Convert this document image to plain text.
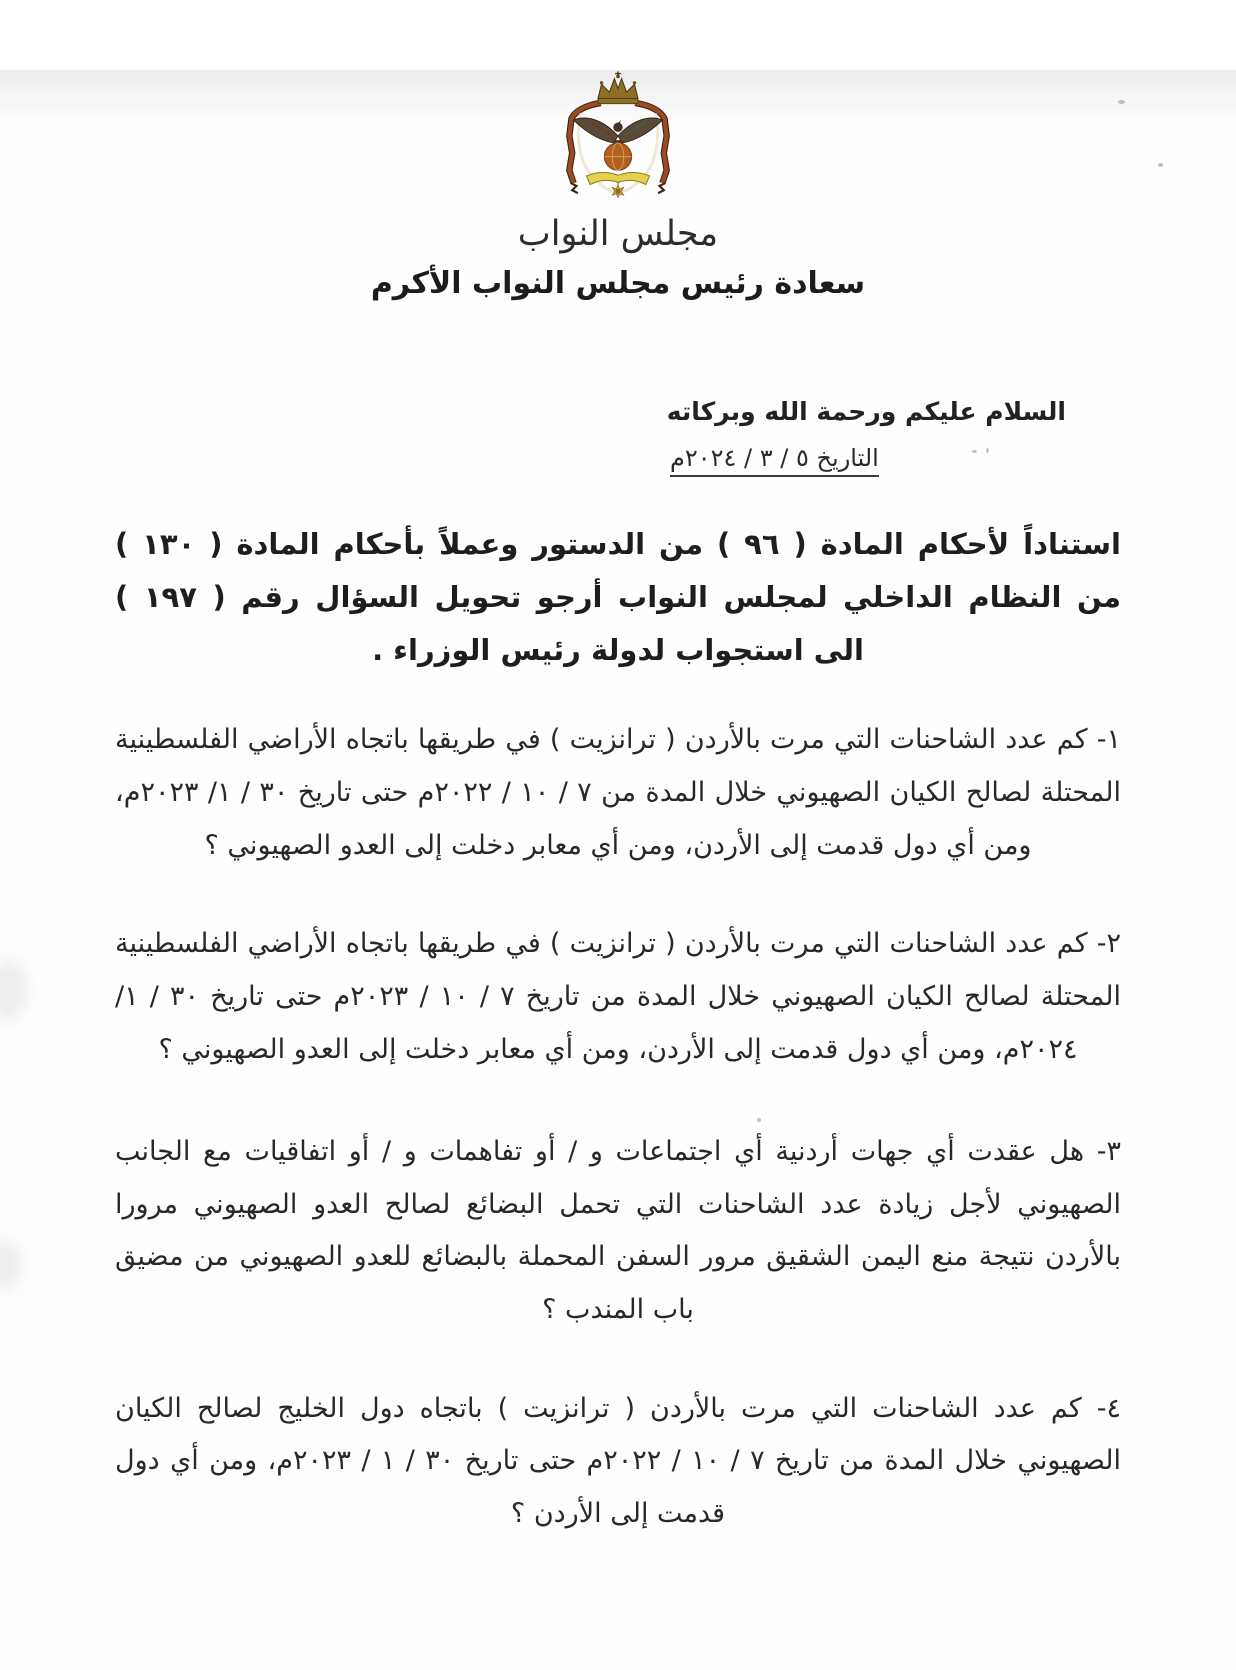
مجلس النواب
سعادة رئيس مجلس النواب الأكرم
السلام عليكم ورحمة الله وبركاته
التاريخ ٥ / ٣ / ٢٠٢٤م
استناداً لأحكام المادة ( ٩٦ ) من الدستور وعملاً بأحكام المادة ( ١٣٠ ) من النظام الداخلي لمجلس النواب أرجو تحويل السؤال رقم ( ١٩٧ ) الى استجواب لدولة رئيس الوزراء .
١- كم عدد الشاحنات التي مرت بالأردن ( ترانزيت ) في طريقها باتجاه الأراضي الفلسطينية المحتلة لصالح الكيان الصهيوني خلال المدة من ٧ / ١٠ / ٢٠٢٢م حتى تاريخ ٣٠ / ١/ ٢٠٢٣م، ومن أي دول قدمت إلى الأردن، ومن أي معابر دخلت إلى العدو الصهيوني ؟
٢- كم عدد الشاحنات التي مرت بالأردن ( ترانزيت ) في طريقها باتجاه الأراضي الفلسطينية المحتلة لصالح الكيان الصهيوني خلال المدة من تاريخ ٧ / ١٠ / ٢٠٢٣م حتى تاريخ ٣٠ / ١/ ٢٠٢٤م، ومن أي دول قدمت إلى الأردن، ومن أي معابر دخلت إلى العدو الصهيوني ؟
٣- هل عقدت أي جهات أردنية أي اجتماعات و / أو تفاهمات و / أو اتفاقيات مع الجانب الصهيوني لأجل زيادة عدد الشاحنات التي تحمل البضائع لصالح العدو الصهيوني مرورا بالأردن نتيجة منع اليمن الشقيق مرور السفن المحملة بالبضائع للعدو الصهيوني من مضيق باب المندب ؟
٤- كم عدد الشاحنات التي مرت بالأردن ( ترانزيت ) باتجاه دول الخليج لصالح الكيان الصهيوني خلال المدة من تاريخ ٧ / ١٠ / ٢٠٢٢م حتى تاريخ ٣٠ / ١ / ٢٠٢٣م، ومن أي دول قدمت إلى الأردن ؟
